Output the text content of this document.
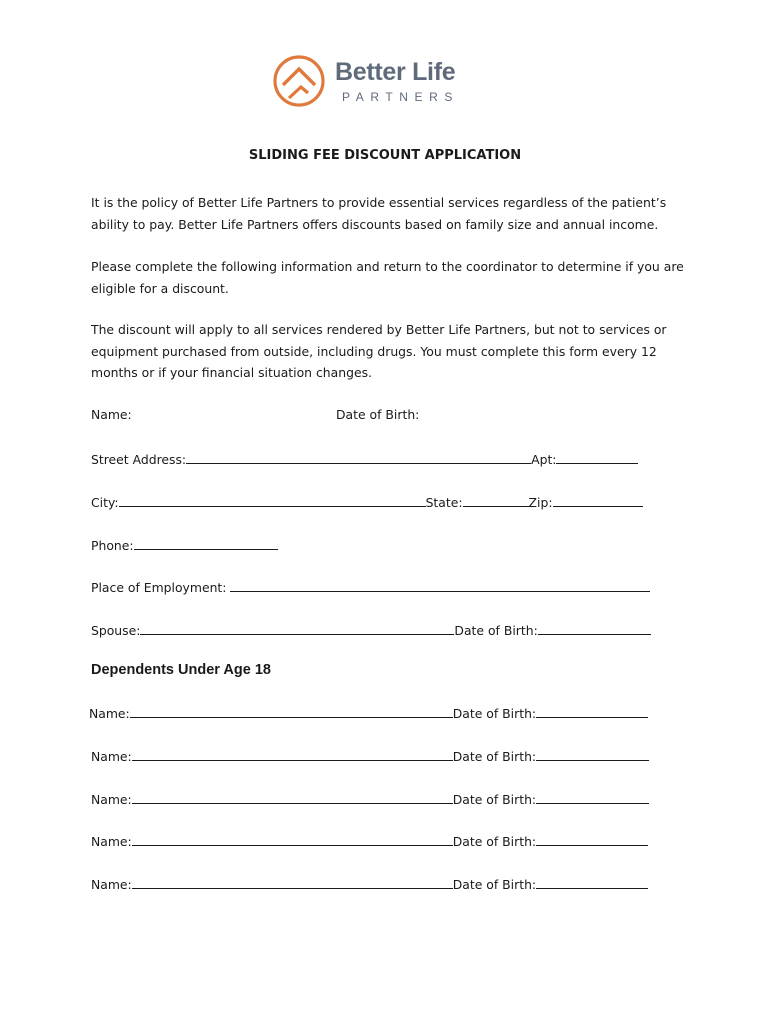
Better Life
PARTNERS
SLIDING FEE DISCOUNT APPLICATION

It is the policy of Better Life Partners to provide essential services regardless of the patient’s ability to pay. Better Life Partners offers discounts based on family size and annual income.

Please complete the following information and return to the coordinator to determine if you are eligible for a discount.

The discount will apply to all services rendered by Better Life Partners, but not to services or equipment purchased from outside, including drugs. You must complete this form every 12 months or if your financial situation changes.

Name:	Date of Birth:
Street Address:	Apt:
City:	State:	Zip:
Phone:
Place of Employment:
Spouse:	Date of Birth:
Dependents Under Age 18
Name:	Date of Birth:
Name:	Date of Birth:
Name:	Date of Birth:
Name:	Date of Birth:
Name:	Date of Birth:
